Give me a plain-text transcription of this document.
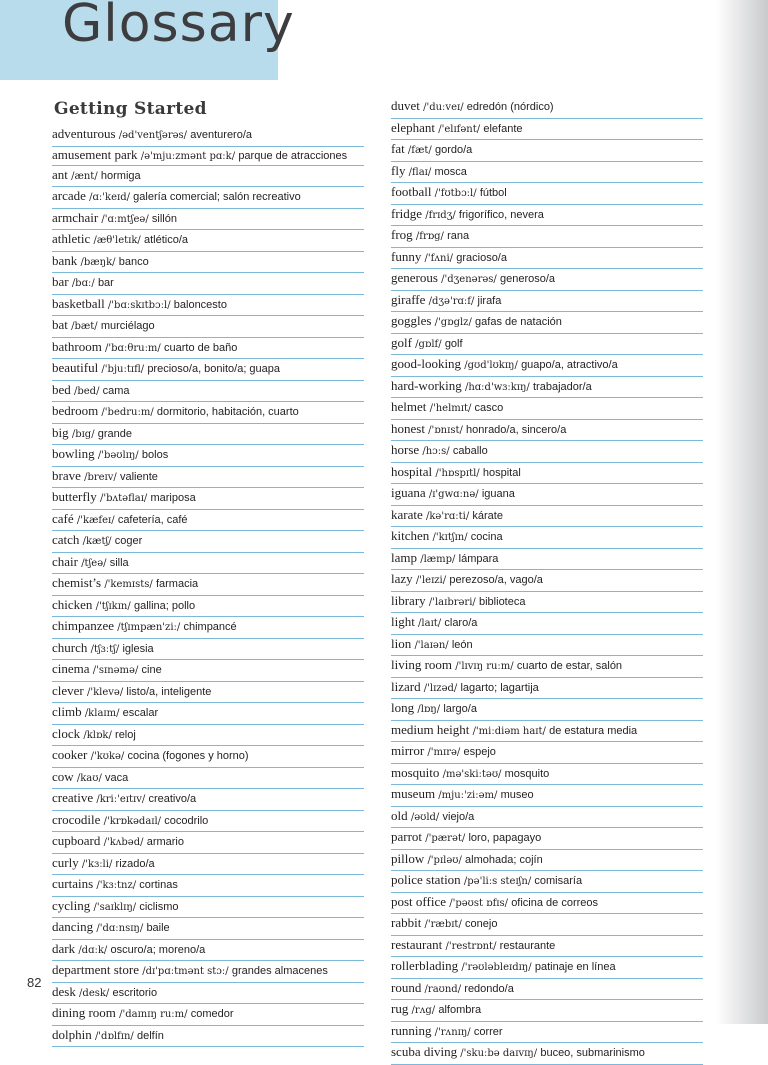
Glossary
Getting Started
adventurous /əd'ventʃərəs/ aventurero/a
amusement park /ə'mjuːzmənt pɑːk/ parque de atracciones
ant /ænt/ hormiga
arcade /ɑː'keɪd/ galería comercial; salón recreativo
armchair /'ɑːmtʃeə/ sillón
athletic /æθ'letɪk/ atlético/a
bank /bæŋk/ banco
bar /bɑː/ bar
basketball /'bɑːskɪtbɔːl/ baloncesto
bat /bæt/ murciélago
bathroom /'bɑːθruːm/ cuarto de baño
beautiful /'bjuːtɪfl/ precioso/a, bonito/a; guapa
bed /bed/ cama
bedroom /'bedruːm/ dormitorio, habitación, cuarto
big /bɪg/ grande
bowling /'bəʊlɪŋ/ bolos
brave /breɪv/ valiente
butterfly /'bʌtəflaɪ/ mariposa
café /'kæfeɪ/ cafetería, café
catch /kætʃ/ coger
chair /tʃeə/ silla
chemist’s /'kemɪsts/ farmacia
chicken /'tʃɪkɪn/ gallina; pollo
chimpanzee /tʃɪmpæn'ziː/ chimpancé
church /tʃɜːtʃ/ iglesia
cinema /'sɪnəmə/ cine
clever /'klevə/ listo/a, inteligente
climb /klaɪm/ escalar
clock /klɒk/ reloj
cooker /'kʊkə/ cocina (fogones y horno)
cow /kaʊ/ vaca
creative /kriː'eɪtɪv/ creativo/a
crocodile /'krɒkədaɪl/ cocodrilo
cupboard /'kʌbəd/ armario
curly /'kɜːli/ rizado/a
curtains /'kɜːtnz/ cortinas
cycling /'saɪklɪŋ/ ciclismo
dancing /'dɑːnsɪŋ/ baile
dark /dɑːk/ oscuro/a; moreno/a
department store /dɪ'pɑːtmənt stɔː/ grandes almacenes
desk /desk/ escritorio
dining room /'daɪnɪŋ ruːm/ comedor
dolphin /'dɒlfɪn/ delfín
duvet /'duːveɪ/ edredón (nórdico)
elephant /'elɪfənt/ elefante
fat /fæt/ gordo/a
fly /flaɪ/ mosca
football /'fʊtbɔːl/ fútbol
fridge /frɪdʒ/ frigorífico, nevera
frog /frɒg/ rana
funny /'fʌni/ gracioso/a
generous /'dʒenərəs/ generoso/a
giraffe /dʒə'rɑːf/ jirafa
goggles /'gɒglz/ gafas de natación
golf /gɒlf/ golf
good-looking /gʊd'lʊkɪŋ/ guapo/a, atractivo/a
hard-working /hɑːd'wɜːkɪŋ/ trabajador/a
helmet /'helmɪt/ casco
honest /'ɒnɪst/ honrado/a, sincero/a
horse /hɔːs/ caballo
hospital /'hɒspɪtl/ hospital
iguana /ɪ'gwɑːnə/ iguana
karate /kə'rɑːti/ kárate
kitchen /'kɪtʃɪn/ cocina
lamp /læmp/ lámpara
lazy /'leɪzi/ perezoso/a, vago/a
library /'laɪbrəri/ biblioteca
light /laɪt/ claro/a
lion /'laɪən/ león
living room /'lɪvɪŋ ruːm/ cuarto de estar, salón
lizard /'lɪzəd/ lagarto; lagartija
long /lɒŋ/ largo/a
medium height /'miːdiəm haɪt/ de estatura media
mirror /'mɪrə/ espejo
mosquito /mə'skiːtəʊ/ mosquito
museum /mjuː'ziːəm/ museo
old /əʊld/ viejo/a
parrot /'pærət/ loro, papagayo
pillow /'pɪləʊ/ almohada; cojín
police station /pə'liːs steɪʃn/ comisaría
post office /'pəʊst ɒfɪs/ oficina de correos
rabbit /'ræbɪt/ conejo
restaurant /'restrɒnt/ restaurante
rollerblading /'rəʊləbleɪdɪŋ/ patinaje en línea
round /raʊnd/ redondo/a
rug /rʌg/ alfombra
running /'rʌnɪŋ/ correr
scuba diving /'skuːbə daɪvɪŋ/ buceo, submarinismo
82
